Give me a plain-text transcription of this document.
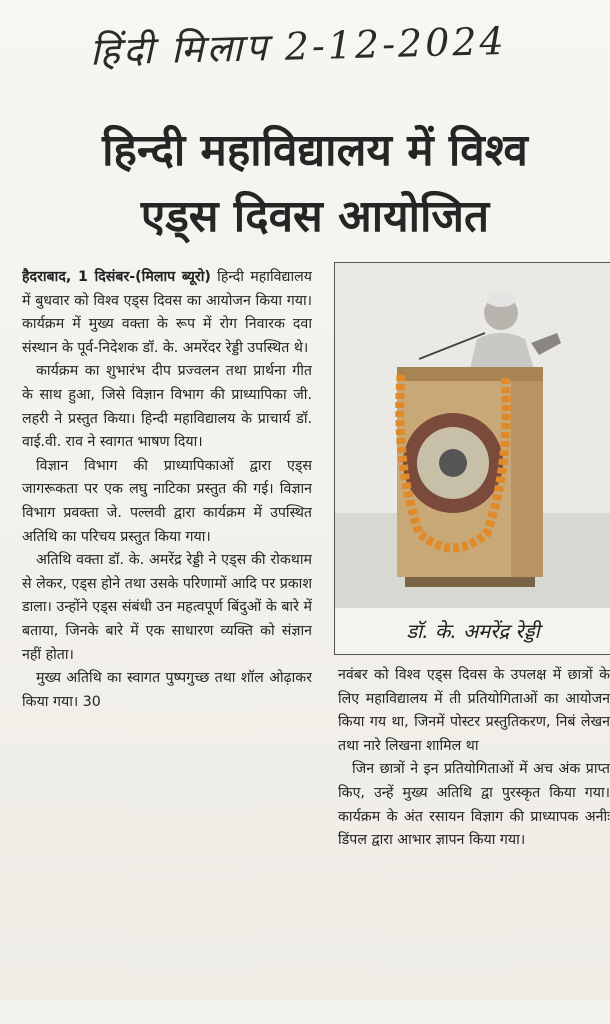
हिंदी मिलाप 2-12-2024
हिन्दी महाविद्यालय में विश्व
एड्स दिवस आयोजित

हैदराबाद, 1 दिसंबर-(मिलाप ब्यूरो) हिन्दी महाविद्यालय में बुधवार को विश्व एड्स दिवस का आयोजन किया गया। कार्यक्रम में मुख्य वक्ता के रूप में रोग निवारक दवा संस्थान के पूर्व-निदेशक डॉ. के. अमरेंदर रेड्डी उपस्थित थे।

कार्यक्रम का शुभारंभ दीप प्रज्वलन तथा प्रार्थना गीत के साथ हुआ, जिसे विज्ञान विभाग की प्राध्यापिका जी. लहरी ने प्रस्तुत किया। हिन्दी महाविद्यालय के प्राचार्य डॉ. वाई.वी. राव ने स्वागत भाषण दिया।

विज्ञान विभाग की प्राध्यापिकाओं द्वारा एड्स जागरूकता पर एक लघु नाटिका प्रस्तुत की गई। विज्ञान विभाग प्रवक्ता जे. पल्लवी द्वारा कार्यक्रम में उपस्थित अतिथि का परिचय प्रस्तुत किया गया।

अतिथि वक्ता डॉ. के. अमरेंद्र रेड्डी ने एड्स की रोकथाम से लेकर, एड्स होने तथा उसके परिणामों आदि पर प्रकाश डाला। उन्होंने एड्स संबंधी उन महत्वपूर्ण बिंदुओं के बारे में बताया, जिनके बारे में एक साधारण व्यक्ति को संज्ञान नहीं होता।

मुख्य अतिथि का स्वागत पुष्पगुच्छ तथा शॉल ओढ़ाकर किया गया। 30

डॉ. के. अमरेंद्र रेड्डी

नवंबर को विश्व एड्स दिवस के उपलक्ष में छात्रों के लिए महाविद्यालय में ती प्रतियोगिताओं का आयोजन किया गय था, जिनमें पोस्टर प्रस्तुतिकरण, निबं लेखन तथा नारे लिखना शामिल था

जिन छात्रों ने इन प्रतियोगिताओं में अच अंक प्राप्त किए, उन्हें मुख्य अतिथि द्वा पुरस्कृत किया गया। कार्यक्रम के अंत रसायन विज्ञाग की प्राध्यापक अनीः डिंपल द्वारा आभार ज्ञापन किया गया।
